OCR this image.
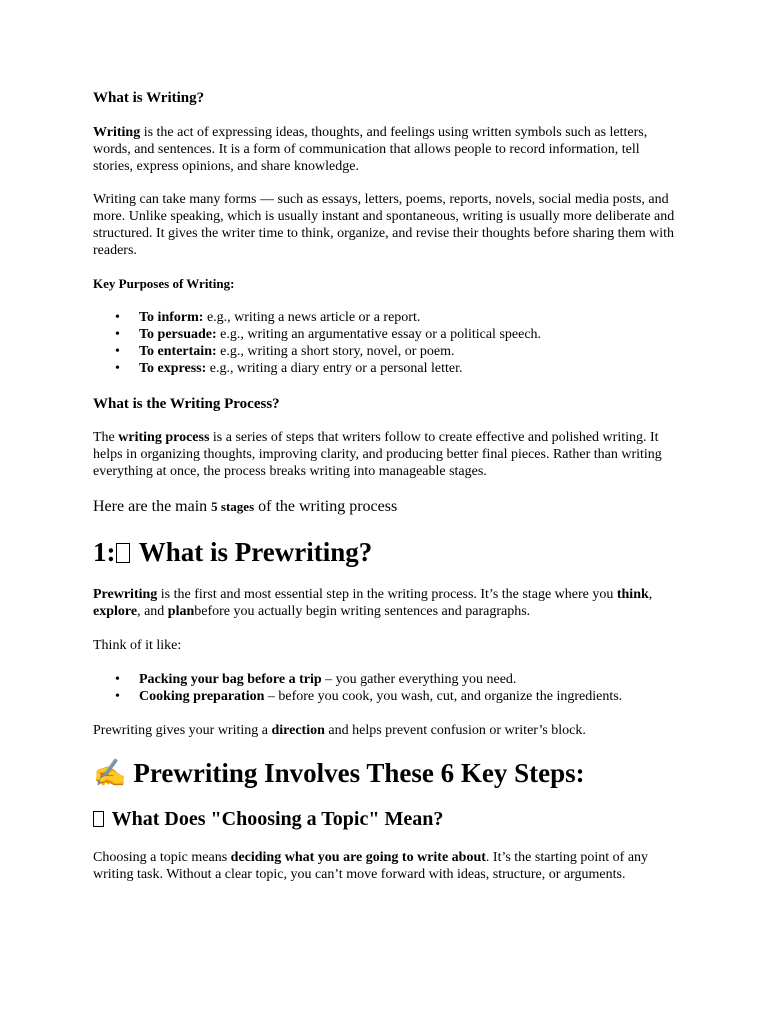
What is Writing?

Writing is the act of expressing ideas, thoughts, and feelings using written symbols such as letters, words, and sentences. It is a form of communication that allows people to record information, tell stories, express opinions, and share knowledge.

Writing can take many forms — such as essays, letters, poems, reports, novels, social media posts, and more. Unlike speaking, which is usually instant and spontaneous, writing is usually more deliberate and structured. It gives the writer time to think, organize, and revise their thoughts before sharing them with readers.

Key Purposes of Writing:
• To inform: e.g., writing a news article or a report.
• To persuade: e.g., writing an argumentative essay or a political speech.
• To entertain: e.g., writing a short story, novel, or poem.
• To express: e.g., writing a diary entry or a personal letter.
What is the Writing Process?

The writing process is a series of steps that writers follow to create effective and polished writing. It helps in organizing thoughts, improving clarity, and producing better final pieces. Rather than writing everything at once, the process breaks writing into manageable stages.

Here are the main 5 stages of the writing process

1: What is Prewriting?

Prewriting is the first and most essential step in the writing process. It’s the stage where you think, explore, and planbefore you actually begin writing sentences and paragraphs.

Think of it like:

• Packing your bag before a trip – you gather everything you need.
• Cooking preparation – before you cook, you wash, cut, and organize the ingredients.

Prewriting gives your writing a direction and helps prevent confusion or writer’s block.

✍ Prewriting Involves These 6 Key Steps:
What Does "Choosing a Topic" Mean?

Choosing a topic means deciding what you are going to write about. It’s the starting point of any writing task. Without a clear topic, you can’t move forward with ideas, structure, or arguments.
